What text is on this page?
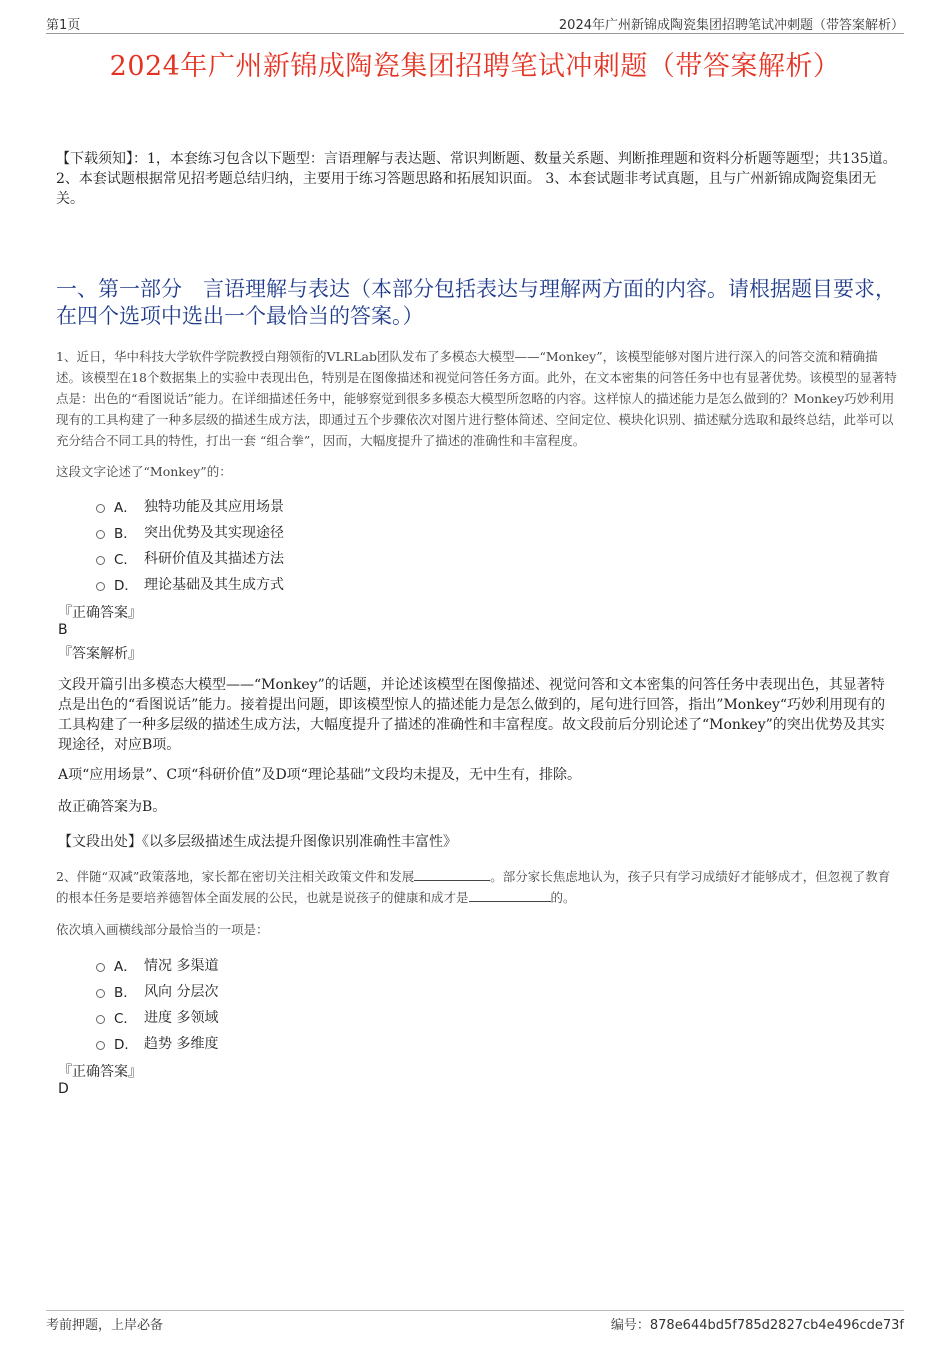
第1页	2024年广州新锦成陶瓷集团招聘笔试冲刺题（带答案解析）
2024年广州新锦成陶瓷集团招聘笔试冲刺题（带答案解析）
【下载须知】：1，本套练习包含以下题型：言语理解与表达题、常识判断题、数量关系题、判断推理题和资料分析题等题型；共135道。 2、本套试题根据常见招考题总结归纳，主要用于练习答题思路和拓展知识面。 3、本套试题非考试真题，且与广州新锦成陶瓷集团无关。
一、第一部分　言语理解与表达（本部分包括表达与理解两方面的内容。请根据题目要求，在四个选项中选出一个最恰当的答案。）
1、近日，华中科技大学软件学院教授白翔领衔的VLRLab团队发布了多模态大模型——“Monkey”，该模型能够对图片进行深入的问答交流和精确描述。该模型在18个数据集上的实验中表现出色，特别是在图像描述和视觉问答任务方面。此外，在文本密集的问答任务中也有显著优势。该模型的显著特点是：出色的“看图说话”能力。在详细描述任务中，能够察觉到很多多模态大模型所忽略的内容。这样惊人的描述能力是怎么做到的？Monkey巧妙利用现有的工具构建了一种多层级的描述生成方法，即通过五个步骤依次对图片进行整体简述、空间定位、模块化识别、描述赋分选取和最终总结，此举可以充分结合不同工具的特性，打出一套 “组合拳”，因而，大幅度提升了描述的准确性和丰富程度。
这段文字论述了“Monkey”的：
A． 独特功能及其应用场景
B． 突出优势及其实现途径
C． 科研价值及其描述方法
D． 理论基础及其生成方式
『正确答案』
B
『答案解析』
文段开篇引出多模态大模型——“Monkey”的话题，并论述该模型在图像描述、视觉问答和文本密集的问答任务中表现出色，其显著特点是出色的“看图说话”能力。接着提出问题，即该模型惊人的描述能力是怎么做到的，尾句进行回答，指出”Monkey“巧妙利用现有的工具构建了一种多层级的描述生成方法，大幅度提升了描述的准确性和丰富程度。故文段前后分别论述了“Monkey”的突出优势及其实现途径，对应B项。
A项“应用场景”、C项“科研价值”及D项“理论基础”文段均未提及，无中生有，排除。
故正确答案为B。
【文段出处】《以多层级描述生成法提升图像识别准确性丰富性》
2、伴随“双减”政策落地，家长都在密切关注相关政策文件和发展	。部分家长焦虑地认为，孩子只有学习成绩好才能够成才，但忽视了教育的根本任务是要培养德智体全面发展的公民，也就是说孩子的健康和成才是	的。
依次填入画横线部分最恰当的一项是：
A． 情况 多渠道
B． 风向 分层次
C． 进度 多领域
D． 趋势 多维度
『正确答案』
D
考前押题，上岸必备	编号：878e644bd5f785d2827cb4e496cde73f
